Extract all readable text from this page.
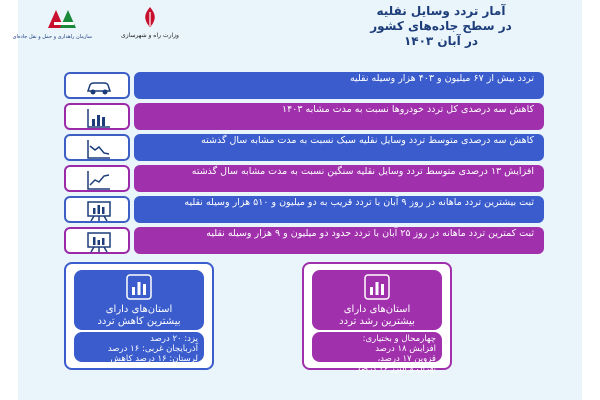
سازمان راهداری و حمل و نقل جاده‌ای	وزارت راه و شهرسازی
آمار تردد وسایل نقلیه
در سطح جاده‌های کشور
در آبان ۱۴۰۳
تردد بیش از ۶۷ میلیون و ۴۰۳ هزار وسیله نقلیه
کاهش سه درصدی کل تردد خودروها نسبت به مدت مشابه ۱۴۰۳
کاهش سه درصدی متوسط تردد وسایل نقلیه سبک نسبت به مدت مشابه سال گذشته
افزایش ۱۳ درصدی متوسط تردد وسایل نقلیه سنگین نسبت به مدت مشابه سال گذشته
ثبت بیشترین تردد ماهانه در روز ۹ آبان با تردد قریب به دو میلیون و ۵۱۰ هزار وسیله نقلیه
ثبت کمترین تردد ماهانه در روز ۲۵ آبان با تردد حدود دو میلیون و ۹ هزار وسیله نقلیه
استان‌های دارای
بیشترین کاهش تردد
یزد: ۲۰ درصد
آذربایجان غربی: ۱۶ درصد
لرستان: ۱۶ درصد کاهش
استان‌های دارای
بیشترین رشد تردد
چهارمحال و بختیاری:
افزایش ۱۸ درصد
قزوین ۱۷ درصد،
تهران و البرز ۱۶ درصد
